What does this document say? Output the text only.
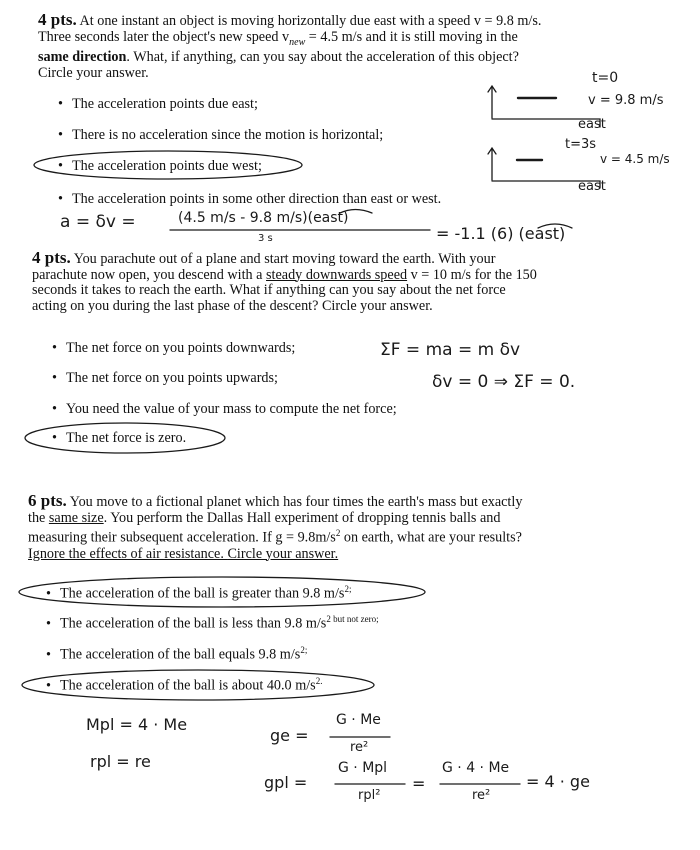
4 pts. At one instant an object is moving horizontally due east with a speed v = 9.8 m/s.
Three seconds later the object's new speed $v_{new} = 4.5$ m/s and it is still moving in the
same direction. What, if anything, can you say about the acceleration of this object?
Circle your answer.
• The acceleration points due east;
• There is no acceleration since the motion is horizontal;
• The acceleration points due west;
• The acceleration points in some other direction than east or west.
4 pts. You parachute out of a plane and start moving toward the earth. With your
parachute now open, you descend with a steady downwards speed v = 10 m/s for the 150
seconds it takes to reach the earth. What if anything can you say about the net force
acting on you during the last phase of the descent? Circle your answer.
• The net force on you points downwards;
• The net force on you points upwards;
• You need the value of your mass to compute the net force;
• The net force is zero.
6 pts. You move to a fictional planet which has four times the earth's mass but exactly
the same size. You perform the Dallas Hall experiment of dropping tennis balls and
measuring their subsequent acceleration. If $g = 9.8m/s^2$ on earth, what are your results?
Ignore the effects of air resistance. Circle your answer.
• The acceleration of the ball is greater than 9.8 $m/s^{2;}$
• The acceleration of the ball is less than 9.8 $m/s^{2 but not zero;}$
• The acceleration of the ball equals 9.8 $m/s^{2;}$
• The acceleration of the ball is about 40.0 $m/s^{2.}$
t=0
v = 9.8 m/s
east
t=3s
v = 4.5 m/s
east
a = δv =	(4.5 m/s - 9.8 m/s)(east)
3 s	= -1.1 (6) (east)
ΣF = ma = m δv
δv = 0 ⇒ ΣF = 0.
Mpl = 4 · Me
rpl = re
ge =
G · Me
re²
gpl =
G · Mpl
rpl²
=
G · 4 · Me
re²
= 4 · ge
